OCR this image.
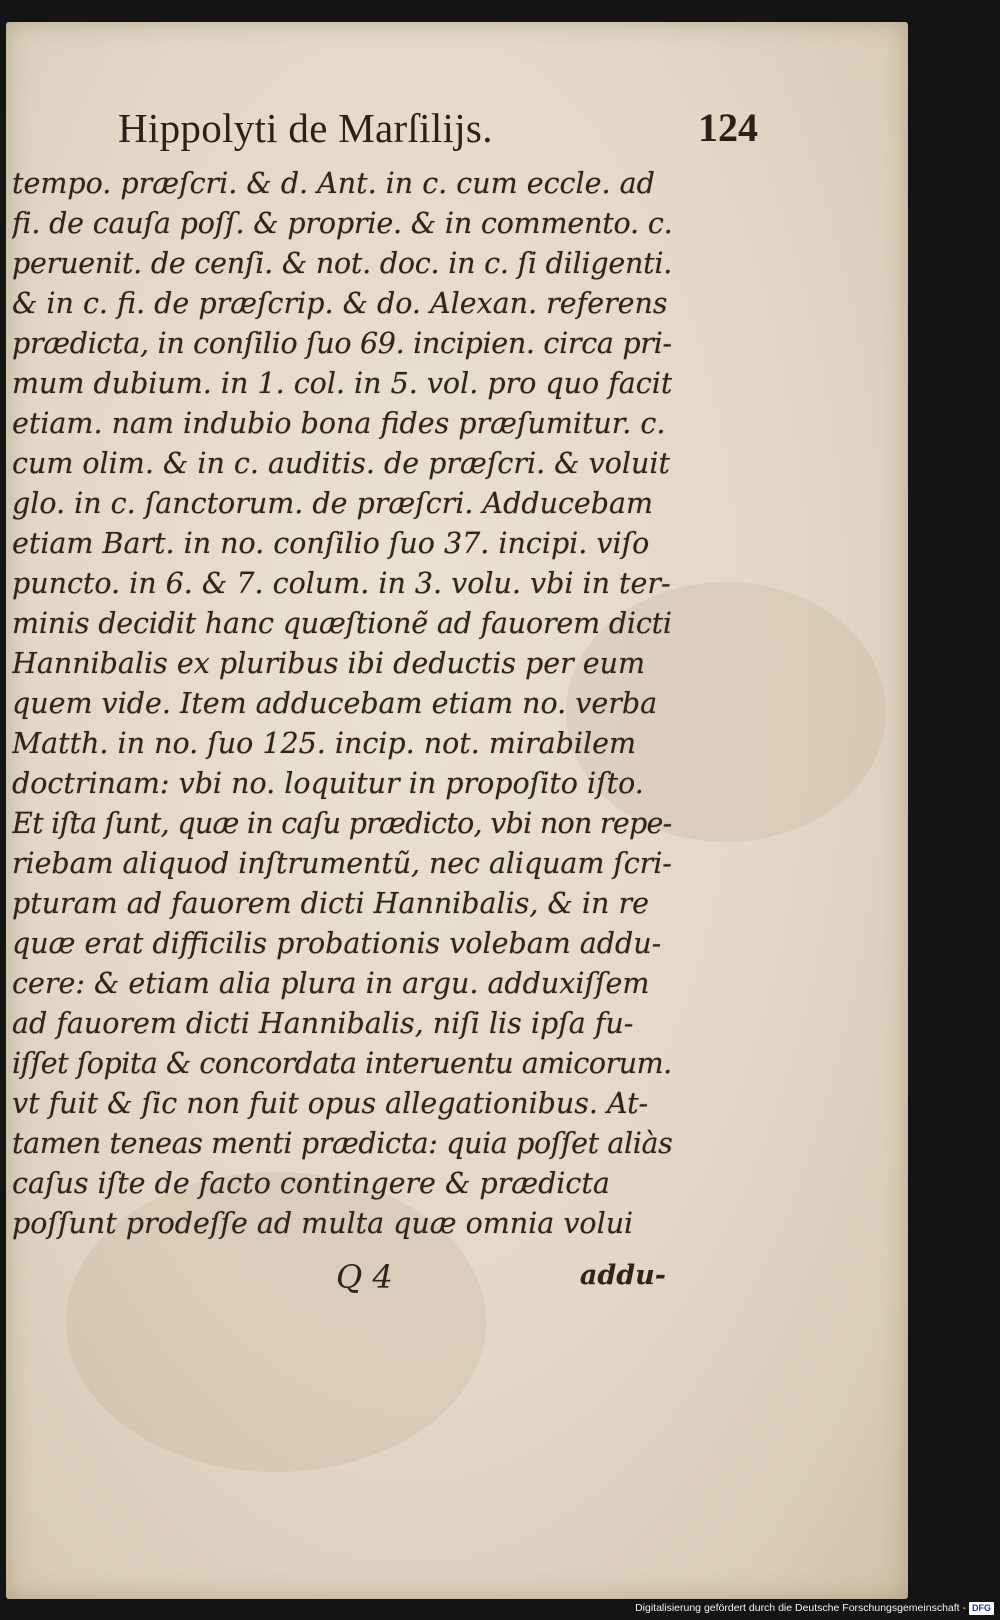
Hippolyti de Marſilijs.	124
tempo. præſcri. & d. Ant. in c. cum eccle. ad
fi. de cauſa poſſ. & proprie. & in commento. c.
peruenit. de cenſi. & not. doc. in c. ſi diligenti.
& in c. fi. de præſcrip. & do. Alexan. referens
prædicta, in conſilio ſuo 69. incipien. circa pri-
mum dubium. in 1. col. in 5. vol. pro quo facit
etiam. nam indubio bona fides præſumitur. c.
cum olim. & in c. auditis. de præſcri. & voluit
glo. in c. ſanctorum. de præſcri. Adducebam
etiam Bart. in no. conſilio ſuo 37. incipi. viſo
puncto. in 6. & 7. colum. in 3. volu. vbi in ter-
minis decidit hanc quæſtionẽ ad fauorem dicti
Hannibalis ex pluribus ibi deductis per eum
quem vide. Item adducebam etiam no. verba
Matth. in no. ſuo 125. incip. not. mirabilem
doctrinam: vbi no. loquitur in propoſito iſto.
Et iſta ſunt, quæ in caſu prædicto, vbi non repe-
riebam aliquod inſtrumentũ, nec aliquam ſcri-
pturam ad fauorem dicti Hannibalis, & in re
quæ erat difficilis probationis volebam addu-
cere: & etiam alia plura in argu. adduxiſſem
ad fauorem dicti Hannibalis, niſi lis ipſa fu-
iſſet ſopita & concordata interuentu amicorum.
vt fuit & ſic non fuit opus allegationibus. At-
tamen teneas menti prædicta: quia poſſet aliàs
caſus iſte de facto contingere & prædicta
poſſunt prodeſſe ad multa quæ omnia volui
Q 4	addu-
Digitalisierung gefördert durch die Deutsche Forschungsgemeinschaft - DFG
